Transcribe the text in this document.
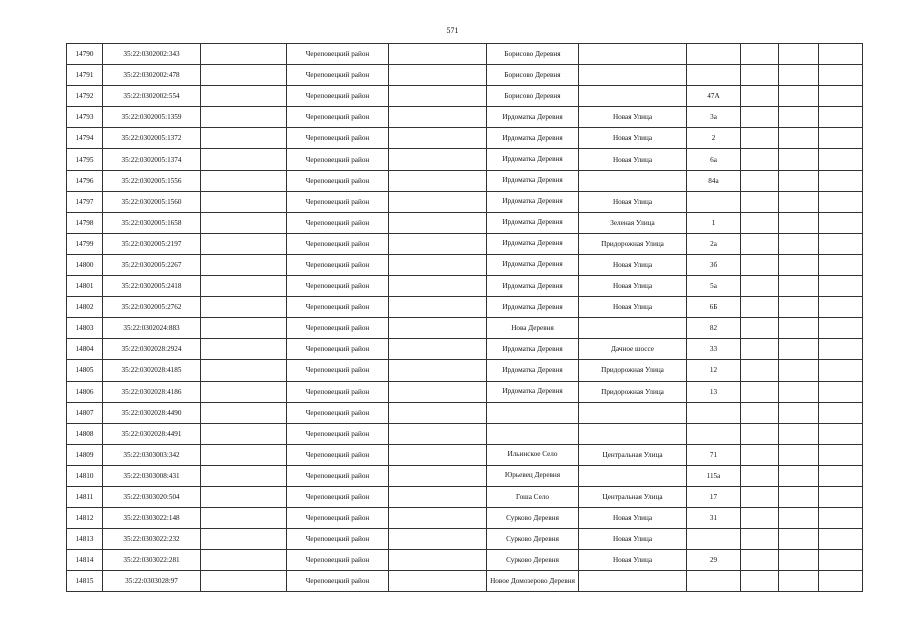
571
14790	35:22:0302002:343		Череповецкий район		Борисово Деревня					
14791	35:22:0302002:478		Череповецкий район		Борисово Деревня					
14792	35:22:0302002:554		Череповецкий район		Борисово Деревня		47А			
14793	35:22:0302005:1359		Череповецкий район		Ирдоматка Деревня	Новая Улица	3а			
14794	35:22:0302005:1372		Череповецкий район		Ирдоматка Деревня	Новая Улица	2			
14795	35:22:0302005:1374		Череповецкий район		Ирдоматка Деревня	Новая Улица	6а			
14796	35:22:0302005:1556		Череповецкий район		Ирдоматка Деревня		84а			
14797	35:22:0302005:1560		Череповецкий район		Ирдоматка Деревня	Новая Улица				
14798	35:22:0302005:1658		Череповецкий район		Ирдоматка Деревня	Зеленая Улица	1			
14799	35:22:0302005:2197		Череповецкий район		Ирдоматка Деревня	Придорожная Улица	2а			
14800	35:22:0302005:2267		Череповецкий район		Ирдоматка Деревня	Новая Улица	3б			
14801	35:22:0302005:2418		Череповецкий район		Ирдоматка Деревня	Новая Улица	5а			
14802	35:22:0302005:2762		Череповецкий район		Ирдоматка Деревня	Новая Улица	6Б			
14803	35:22:0302024:883		Череповецкий район		Нова Деревня		82			
14804	35:22:0302028:2924		Череповецкий район		Ирдоматка Деревня	Дачное шоссе	33			
14805	35:22:0302028:4185		Череповецкий район		Ирдоматка Деревня	Придорожная Улица	12			
14806	35:22:0302028:4186		Череповецкий район		Ирдоматка Деревня	Придорожная Улица	13			
14807	35:22:0302028:4490		Череповецкий район							
14808	35:22:0302028:4491		Череповецкий район							
14809	35:22:0303003:342		Череповецкий район		Ильинское Село	Центральная Улица	71			
14810	35:22:0303008:431		Череповецкий район		Юрьевец Деревня		115а			
14811	35:22:0303020:504		Череповецкий район		Гоша Село	Центральная Улица	17			
14812	35:22:0303022:148		Череповецкий район		Сурково Деревня	Новая Улица	31			
14813	35:22:0303022:232		Череповецкий район		Сурково Деревня	Новая Улица				
14814	35:22:0303022:281		Череповецкий район		Сурково Деревня	Новая Улица	29			
14815	35:22:0303028:97		Череповецкий район		Новое Домозерово Деревня					
